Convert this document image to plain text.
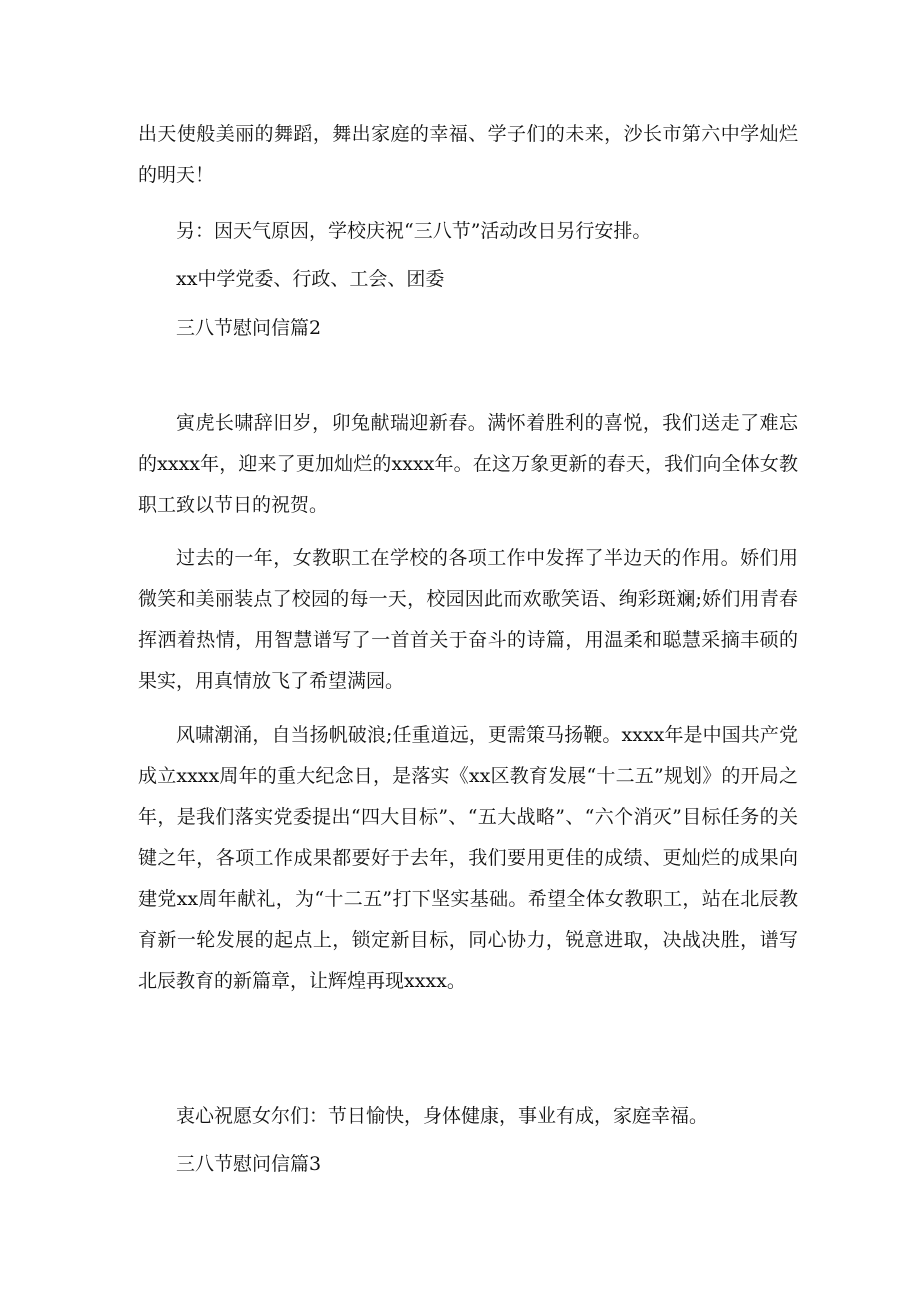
出天使般美丽的舞蹈，舞出家庭的幸福、学子们的未来，沙长市第六中学灿烂的明天！

另：因天气原因，学校庆祝“三八节”活动改日另行安排。

xx中学党委、行政、工会、团委

三八节慰问信篇2

寅虎长啸辞旧岁，卯兔献瑞迎新春。满怀着胜利的喜悦，我们送走了难忘的xxxx年，迎来了更加灿烂的xxxx年。在这万象更新的春天，我们向全体女教职工致以节日的祝贺。

过去的一年，女教职工在学校的各项工作中发挥了半边天的作用。娇们用微笑和美丽装点了校园的每一天，校园因此而欢歌笑语、绚彩斑斓;娇们用青春挥洒着热情，用智慧谱写了一首首关于奋斗的诗篇，用温柔和聪慧采摘丰硕的果实，用真情放飞了希望满园。

风啸潮涌，自当扬帆破浪;任重道远，更需策马扬鞭。xxxx年是中国共产党成立xxxx周年的重大纪念日，是落实《xx区教育发展“十二五”规划》的开局之年，是我们落实党委提出“四大目标”、“五大战略”、“六个消灭”目标任务的关键之年，各项工作成果都要好于去年，我们要用更佳的成绩、更灿烂的成果向建党xx周年献礼，为“十二五”打下坚实基础。希望全体女教职工，站在北辰教育新一轮发展的起点上，锁定新目标，同心协力，锐意进取，决战决胜，谱写北辰教育的新篇章，让辉煌再现xxxx。

衷心祝愿女尔们：节日愉快，身体健康，事业有成，家庭幸福。

三八节慰问信篇3
